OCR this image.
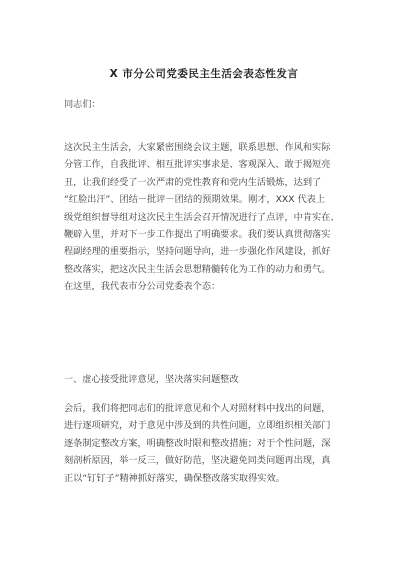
X 市分公司党委民主生活会表态性发言
同志们：
这次民主生活会，大家紧密围绕会议主题，联系思想、作风和实际
分管工作，自我批评、相互批评实事求是、客观深入、敢于揭短亮
丑，让我们经受了一次严肃的党性教育和党内生活锻炼，达到了
“红脸出汗”、团结－批评－团结的预期效果。刚才，XXX 代表上
级党组织督导组对这次民主生活会召开情况进行了点评，中肯实在、
鞭辟入里，并对下一步工作提出了明确要求。我们要认真贯彻落实
程副经理的重要指示，坚持问题导向，进一步强化作风建设，抓好
整改落实，把这次民主生活会思想精髓转化为工作的动力和勇气。
在这里，我代表市分公司党委表个态：
一、虚心接受批评意见，坚决落实问题整改
会后，我们将把同志们的批评意见和个人对照材料中找出的问题，
进行逐项研究，对于意见中涉及到的共性问题，立即组织相关部门
逐条制定整改方案，明确整改时限和整改措施；对于个性问题，深
刻剖析原因，举一反三，做好防范，坚决避免同类问题再出现，真
正以“钉钉子”精神抓好落实，确保整改落实取得实效。
